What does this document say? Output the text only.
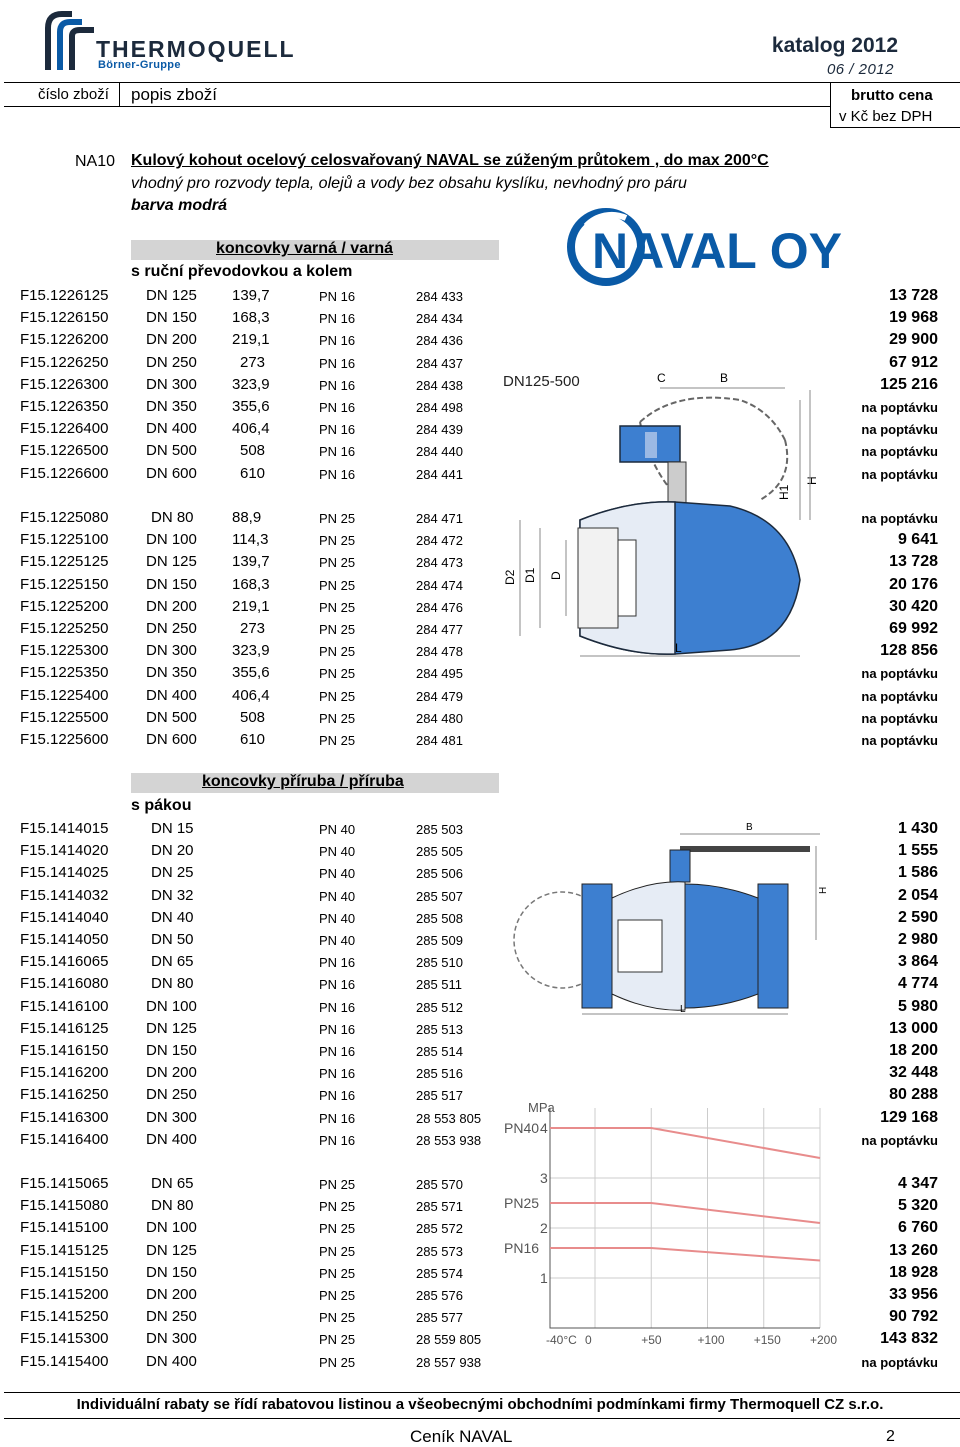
THERMOQUELL
Börner-Gruppe
katalog 2012
06 / 2012
číslo zboží popis zboží	brutto cena
v Kč bez DPH
NA10 Kulový kohout ocelový celosvařovaný NAVAL se zúženým průtokem , do max 200°C
vhodný pro rozvody tepla, olejů a vody bez obsahu kyslíku, nevhodný pro páru
barva modrá
NAVAL OY
koncovky varná / varná
s ruční převodovkou a kolem
F15.1226125	DN 125 139,7	PN 16	284 433	13 728
F15.1226150	DN 150 168,3	PN 16	284 434	19 968
F15.1226200	DN 200 219,1	PN 16	284 436	29 900
F15.1226250	DN 250	273	PN 16	284 437	67 912
F15.1226300	DN 300 323,9	PN 16	284 438	125 216
F15.1226350	DN 350 355,6	PN 16	284 498	na poptávku
F15.1226400	DN 400 406,4	PN 16	284 439	na poptávku
F15.1226500	DN 500	508	PN 16	284 440	na poptávku
F15.1226600	DN 600	610	PN 16	284 441	na poptávku
F15.1225080	DN 80	88,9	PN 25	284 471	na poptávku
F15.1225100	DN 100 114,3	PN 25	284 472	9 641
F15.1225125	DN 125 139,7	PN 25	284 473	13 728
F15.1225150	DN 150 168,3	PN 25	284 474	20 176
F15.1225200	DN 200 219,1	PN 25	284 476	30 420
F15.1225250	DN 250	273	PN 25	284 477	69 992
F15.1225300	DN 300 323,9	PN 25	284 478	128 856
F15.1225350	DN 350 355,6	PN 25	284 495	na poptávku
F15.1225400	DN 400 406,4	PN 25	284 479	na poptávku
F15.1225500	DN 500	508	PN 25	284 480	na poptávku
F15.1225600	DN 600	610	PN 25	284 481	na poptávku
DN125-500	C	B
H1
H
D2 D1 D
L
koncovky příruba / příruba
s pákou
F15.1414015	DN 15	PN 40	285 503	1 430
F15.1414020	DN 20	PN 40	285 505	1 555
F15.1414025	DN 25	PN 40	285 506	1 586
F15.1414032	DN 32	PN 40	285 507	2 054
F15.1414040	DN 40	PN 40	285 508	2 590
F15.1414050	DN 50	PN 40	285 509	2 980
F15.1416065	DN 65	PN 16	285 510	3 864
F15.1416080	DN 80	PN 16	285 511	4 774
F15.1416100	DN 100	PN 16	285 512	5 980
F15.1416125	DN 125	PN 16	285 513	13 000
F15.1416150	DN 150	PN 16	285 514	18 200
F15.1416200	DN 200	PN 16	285 516	32 448
F15.1416250	DN 250	PN 16	285 517	80 288
F15.1416300	DN 300	PN 16	28 553 805	129 168
F15.1416400	DN 400	PN 16	28 553 938	na poptávku
F15.1415065	DN 65	PN 25	285 570	4 347
F15.1415080	DN 80	PN 25	285 571	5 320
F15.1415100	DN 100	PN 25	285 572	6 760
F15.1415125	DN 125	PN 25	285 573	13 260
F15.1415150	DN 150	PN 25	285 574	18 928
F15.1415200	DN 200	PN 25	285 576	33 956
F15.1415250	DN 250	PN 25	285 577	90 792
F15.1415300	DN 300	PN 25	28 559 805	143 832
F15.1415400	DN 400	PN 25	28 557 938	na poptávku
B
H
L
PN40
PN25
PN16
MPa
4
3
2
1
-40°C 0	+50	+100 +150 +200
Individuální rabaty se řídí rabatovou listinou a všeobecnými obchodními podmínkami firmy Thermoquell CZ s.r.o.
Ceník NAVAL	2
